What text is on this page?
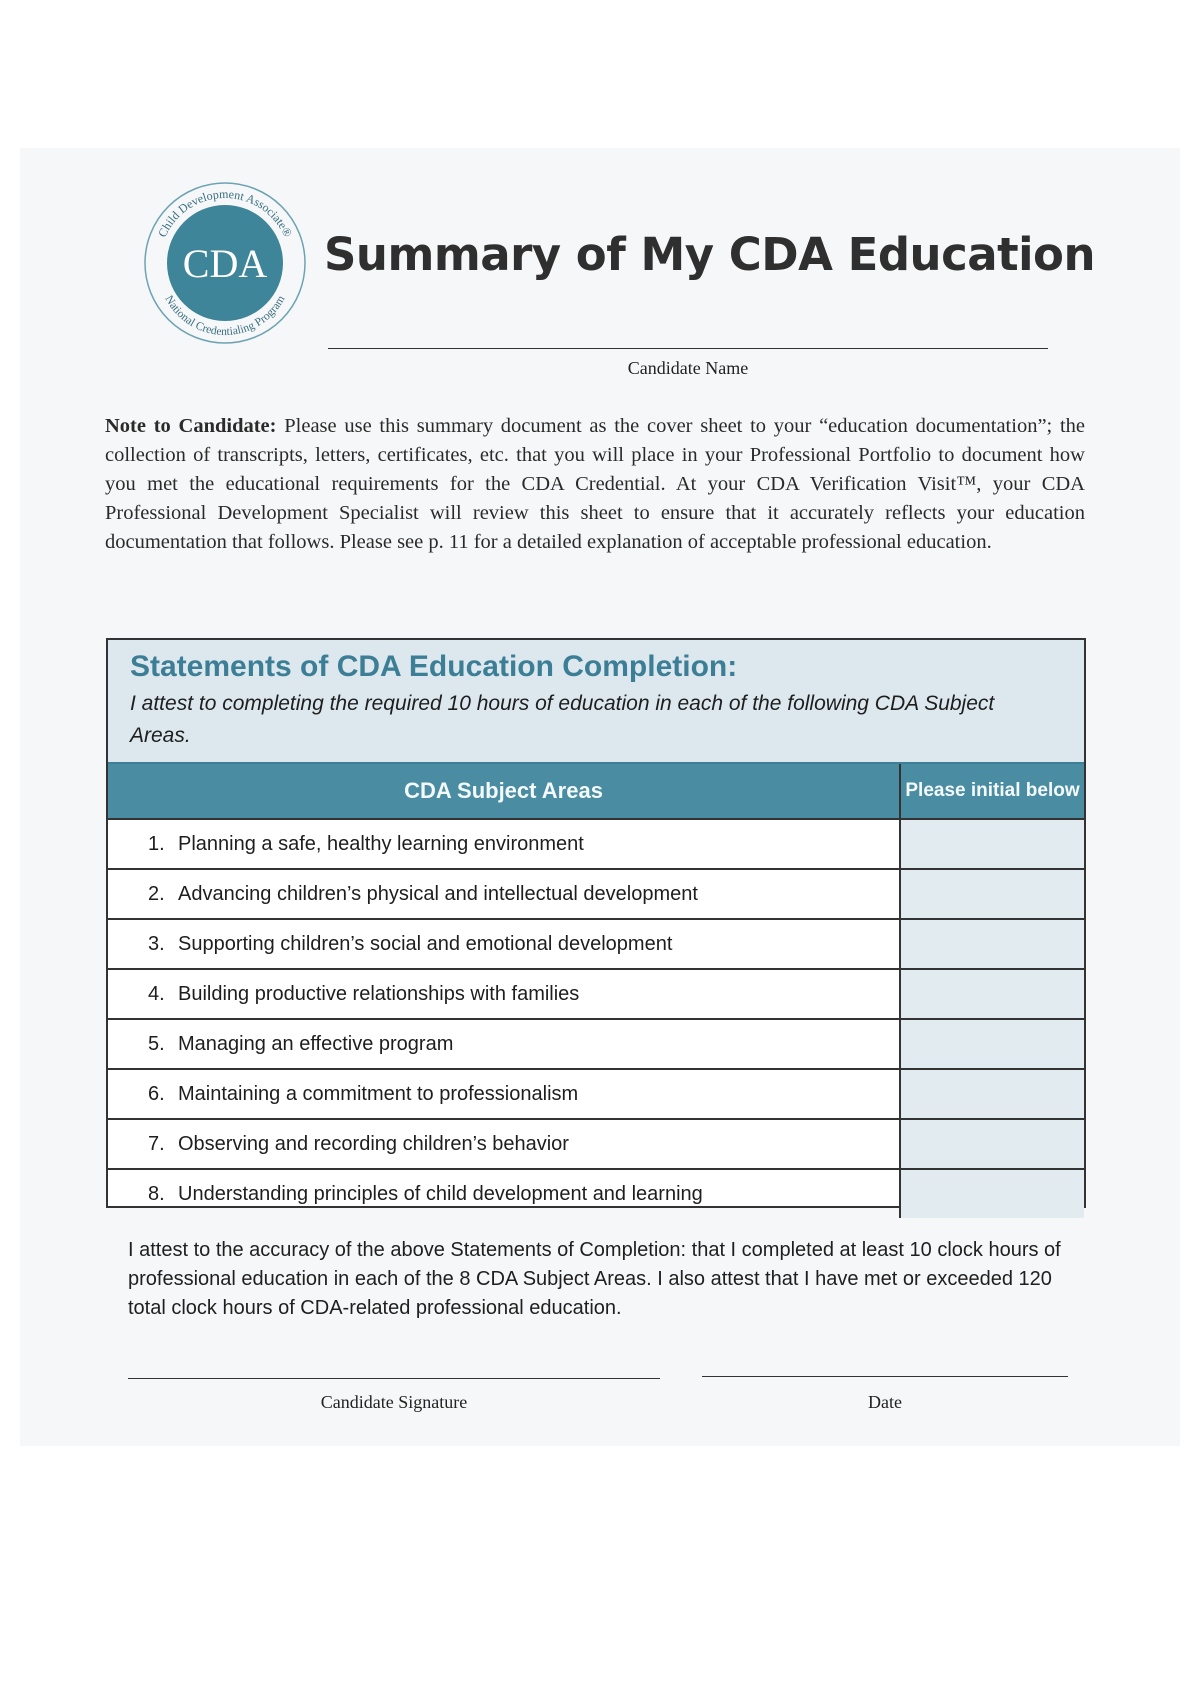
Child Development Associate®
National Credentialing Program
CDA Summary of My CDA Education
Candidate Name

Note to Candidate: Please use this summary document as the cover sheet to your “education documentation”; the collection of transcripts, letters, certificates, etc. that you will place in your Professional Portfolio to document how you met the educational requirements for the CDA Credential. At your CDA Verification Visit™, your CDA Professional Development Specialist will review this sheet to ensure that it accurately reflects your education documentation that follows. Please see p. 11 for a detailed explanation of acceptable professional education.

Statements of CDA Education Completion:

I attest to completing the required 10 hours of education in each of the following CDA Subject Areas.

CDA Subject Areas	Please initial below
1. Planning a safe, healthy learning environment	
2. Advancing children’s physical and intellectual development	
3. Supporting children’s social and emotional development	
4. Building productive relationships with families	
5. Managing an effective program	
6. Maintaining a commitment to professionalism	
7. Observing and recording children’s behavior	
8. Understanding principles of child development and learning	

I attest to the accuracy of the above Statements of Completion: that I completed at least 10 clock hours of professional education in each of the 8 CDA Subject Areas. I also attest that I have met or exceeded 120 total clock hours of CDA-related professional education.

Candidate Signature	Date
